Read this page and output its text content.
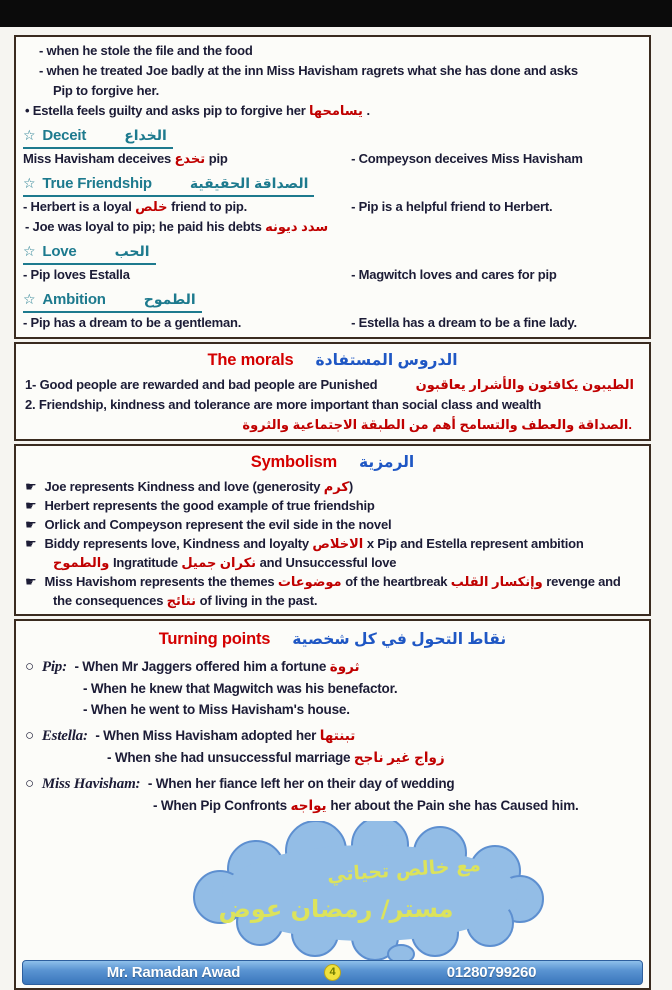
- when he stole the file and the food
- when he treated Joe badly at the inn Miss Havisham ragrets what she has done and asks
Pip to forgive her.
• Estella feels guilty and asks pip to forgive her يسامحها .
☆ Deceit	الخداع
Miss Havisham deceives تخدع pip	- Compeyson deceives Miss Havisham
☆ True Friendship	الصداقة الحقيقية
- Herbert is a loyal خلص friend to pip.	- Pip is a helpful friend to Herbert.
- Joe was loyal to pip; he paid his debts سدد ديونه
☆ Love	الحب
- Pip loves Estalla	- Magwitch loves and cares for pip
☆ Ambition	الطموح
- Pip has a dream to be a gentleman.	- Estella has a dream to be a fine lady.
The morals الدروس المستفادة
1- Good people are rewarded and bad people are Punished	الطيبون يكافئون والأشرار يعاقبون
2. Friendship, kindness and tolerance are more important than social class and wealth
الصداقة والعطف والتسامح أهم من الطبقة الاجتماعية والثروة.
Symbolism الرمزية
☛ Joe represents Kindness and love (generosity كرم)
☛ Herbert represents the good example of true friendship
☛ Orlick and Compeyson represent the evil side in the novel
☛ Biddy represents love, Kindness and loyalty الاخلاص x Pip and Estella represent ambition
والطموح Ingratitude نكران جميل and Unsuccessful love
☛ Miss Havishom represents the themes موضوعات of the heartbreak وإنكسار القلب revenge and
the consequences نتائج of living in the past.
Turning points نقاط التحول في كل شخصية
○ Pip: - When Mr Jaggers offered him a fortune ثروة
- When he knew that Magwitch was his benefactor.
- When he went to Miss Havisham's house.
○ Estella: - When Miss Havisham adopted her تبنتها
- When she had unsuccessful marriage زواج غير ناجح
○ Miss Havisham: - When her fiance left her on their day of wedding
- When Pip Confronts يواجه her about the Pain she has Caused him.
مع خالص تحياتي
مستر/ رمضان عوض
Mr. Ramadan Awad	4	01280799260
